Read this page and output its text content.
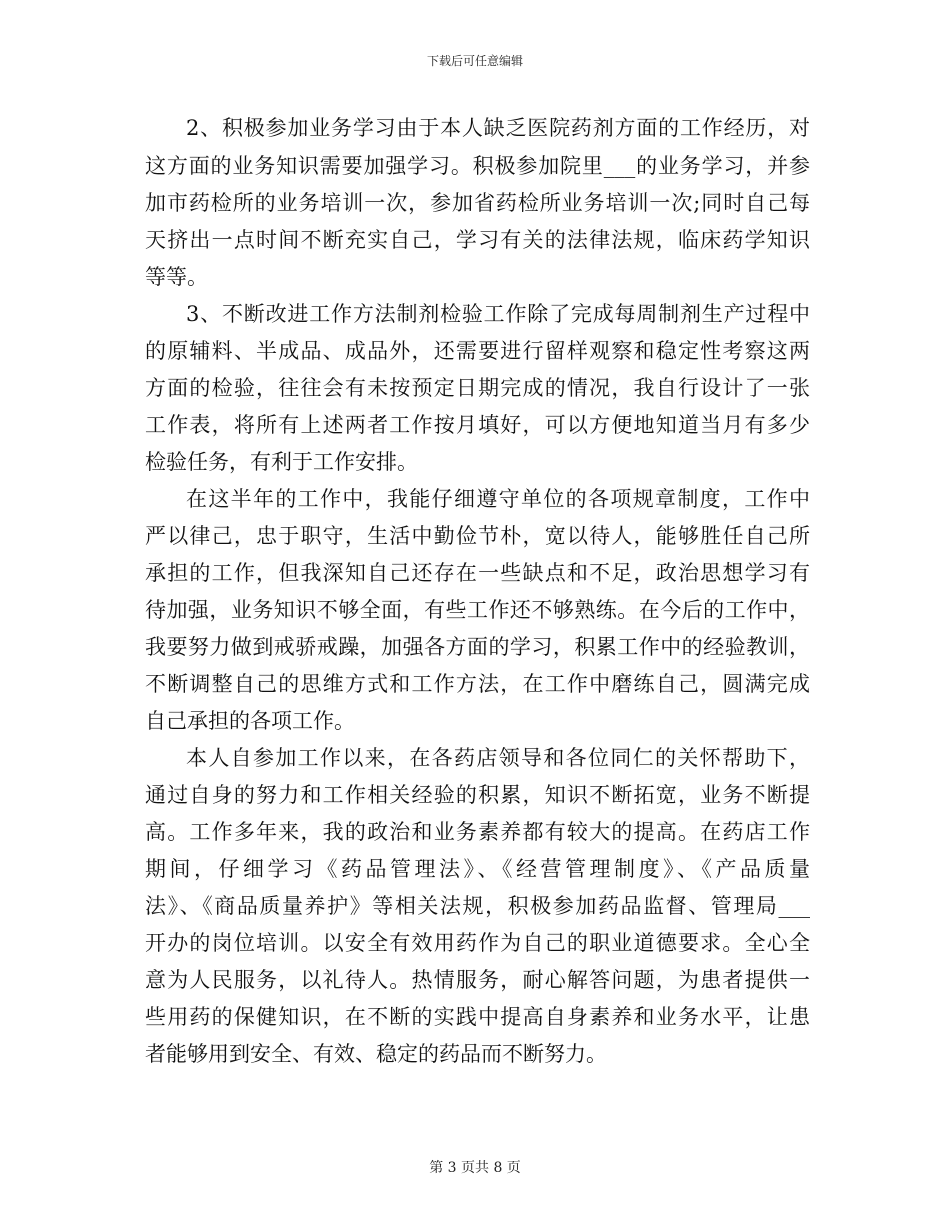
下载后可任意编辑
2、积极参加业务学习由于本人缺乏医院药剂方面的工作经历，对
这方面的业务知识需要加强学习。积极参加院里___的业务学习，并参
加市药检所的业务培训一次，参加省药检所业务培训一次;同时自己每
天挤出一点时间不断充实自己，学习有关的法律法规，临床药学知识
等等。
3、不断改进工作方法制剂检验工作除了完成每周制剂生产过程中
的原辅料、半成品、成品外，还需要进行留样观察和稳定性考察这两
方面的检验，往往会有未按预定日期完成的情况，我自行设计了一张
工作表，将所有上述两者工作按月填好，可以方便地知道当月有多少
检验任务，有利于工作安排。
在这半年的工作中，我能仔细遵守单位的各项规章制度，工作中
严以律己，忠于职守，生活中勤俭节朴，宽以待人，能够胜任自己所
承担的工作，但我深知自己还存在一些缺点和不足，政治思想学习有
待加强，业务知识不够全面，有些工作还不够熟练。在今后的工作中，
我要努力做到戒骄戒躁，加强各方面的学习，积累工作中的经验教训，
不断调整自己的思维方式和工作方法，在工作中磨练自己，圆满完成
自己承担的各项工作。
本人自参加工作以来，在各药店领导和各位同仁的关怀帮助下，
通过自身的努力和工作相关经验的积累，知识不断拓宽，业务不断提
高。工作多年来，我的政治和业务素养都有较大的提高。在药店工作
期间，仔细学习《药品管理法》、《经营管理制度》、《产品质量
法》、《商品质量养护》等相关法规，积极参加药品监督、管理局___
开办的岗位培训。以安全有效用药作为自己的职业道德要求。全心全
意为人民服务，以礼待人。热情服务，耐心解答问题，为患者提供一
些用药的保健知识，在不断的实践中提高自身素养和业务水平，让患
者能够用到安全、有效、稳定的药品而不断努力。
第 3 页共 8 页
